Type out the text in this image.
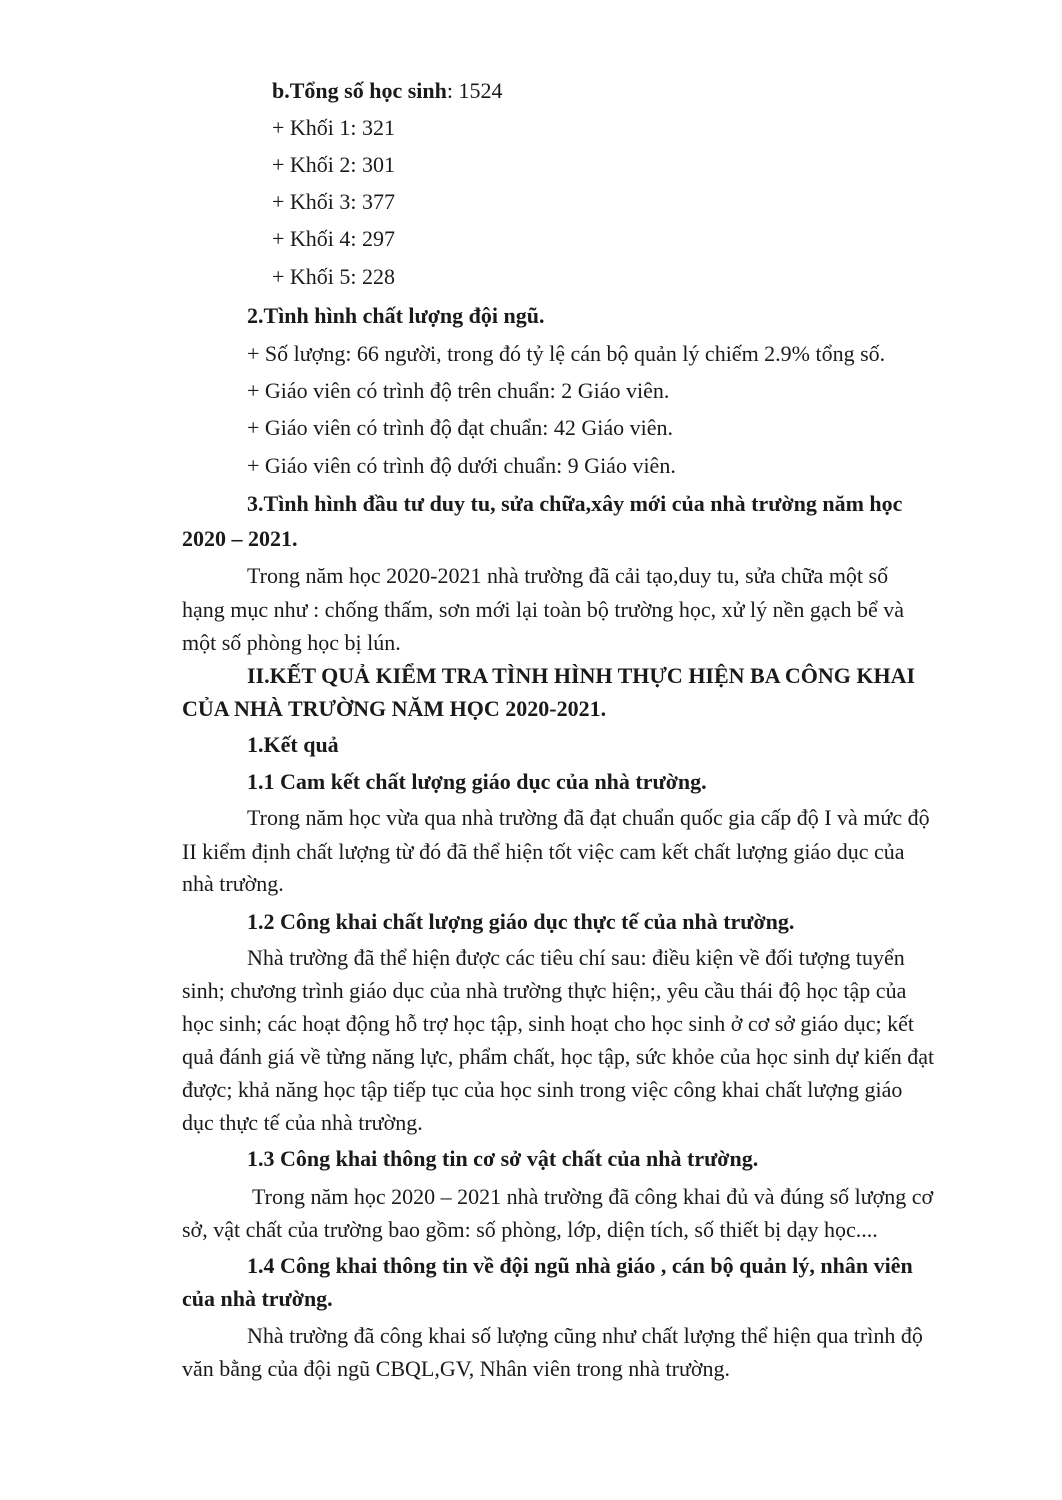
b.Tổng số học sinh: 1524
+ Khối 1: 321
+ Khối 2: 301
+ Khối 3: 377
+ Khối 4: 297
+ Khối 5: 228
2.Tình hình chất lượng đội ngũ.
+ Số lượng: 66 người, trong đó tỷ lệ cán bộ quản lý chiếm 2.9% tổng số.
+ Giáo viên có trình độ trên chuẩn: 2 Giáo viên.
+ Giáo viên có trình độ đạt chuẩn: 42 Giáo viên.
+ Giáo viên có trình độ dưới chuẩn: 9 Giáo viên.
3.Tình hình đầu tư duy tu, sửa chữa,xây mới của nhà trường năm học
2020 – 2021.
Trong năm học 2020-2021 nhà trường đã cải tạo,duy tu, sửa chữa một số
hạng mục như : chống thấm, sơn mới lại toàn bộ trường học, xử lý nền gạch bể và
một số phòng học bị lún.
II.KẾT QUẢ KIỂM TRA TÌNH HÌNH THỰC HIỆN BA CÔNG KHAI
CỦA NHÀ TRƯỜNG NĂM HỌC 2020-2021.
1.Kết quả
1.1 Cam kết chất lượng giáo dục của nhà trường.
Trong năm học vừa qua nhà trường đã đạt chuẩn quốc gia cấp độ I và mức độ
II kiểm định chất lượng từ đó đã thể hiện tốt việc cam kết chất lượng giáo dục của
nhà trường.
1.2 Công khai chất lượng giáo dục thực tế của nhà trường.
Nhà trường đã thể hiện được các tiêu chí sau: điều kiện về đối tượng tuyển
sinh; chương trình giáo dục của nhà trường thực hiện;, yêu cầu thái độ học tập của
học sinh; các hoạt động hỗ trợ học tập, sinh hoạt cho học sinh ở cơ sở giáo dục; kết
quả đánh giá về từng năng lực, phẩm chất, học tập, sức khỏe của học sinh dự kiến đạt
được; khả năng học tập tiếp tục của học sinh trong việc công khai chất lượng giáo
dục thực tế của nhà trường.
1.3 Công khai thông tin cơ sở vật chất của nhà trường.
Trong năm học 2020 – 2021 nhà trường đã công khai đủ và đúng số lượng cơ
sở, vật chất của trường bao gồm: số phòng, lớp, diện tích, số thiết bị dạy học....
1.4 Công khai thông tin về đội ngũ nhà giáo , cán bộ quản lý, nhân viên
của nhà trường.
Nhà trường đã công khai số lượng cũng như chất lượng thể hiện qua trình độ
văn bằng của đội ngũ CBQL,GV, Nhân viên trong nhà trường.
